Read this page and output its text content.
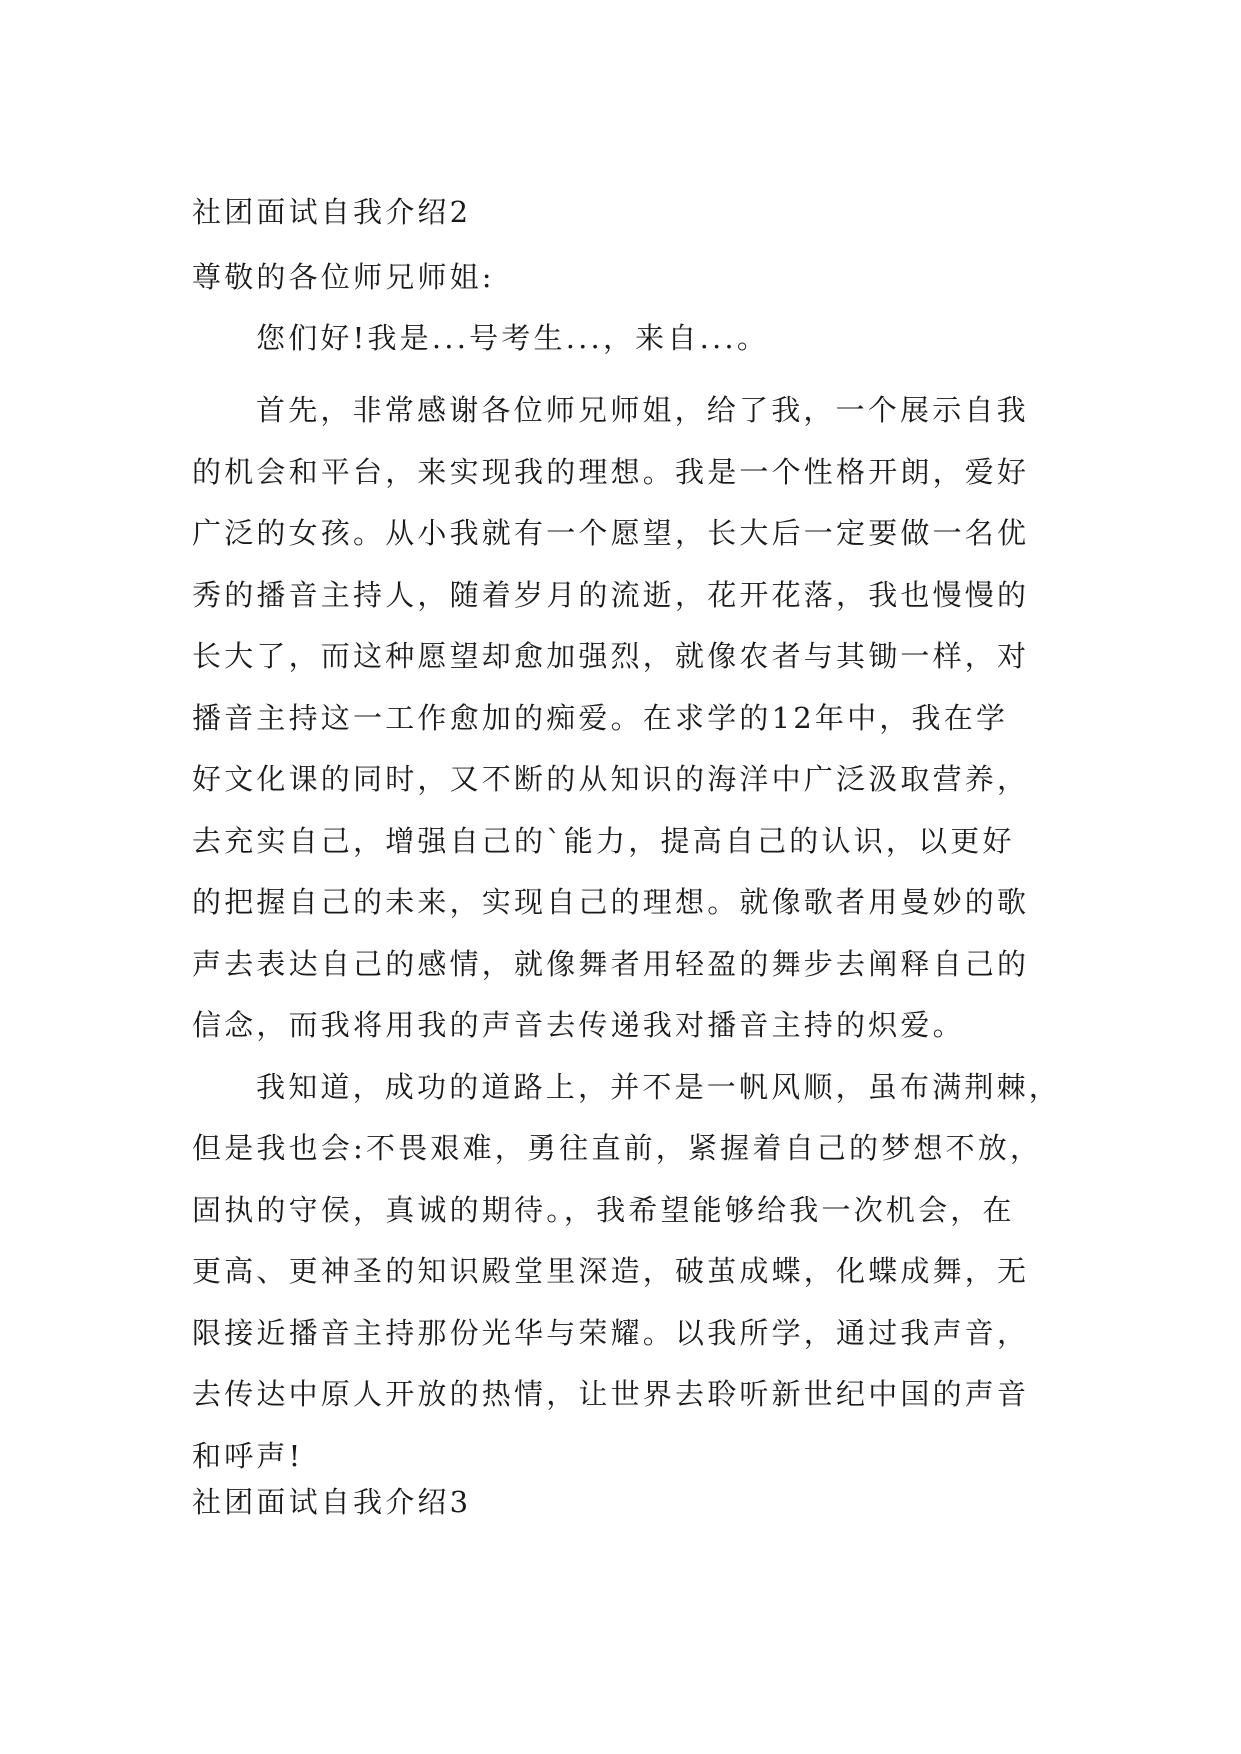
社团面试自我介绍2
尊敬的各位师兄师姐:
您们好!我是...号考生...，来自...。
首先，非常感谢各位师兄师姐，给了我，一个展示自我
的机会和平台，来实现我的理想。我是一个性格开朗，爱好
广泛的女孩。从小我就有一个愿望，长大后一定要做一名优
秀的播音主持人，随着岁月的流逝，花开花落，我也慢慢的
长大了，而这种愿望却愈加强烈，就像农者与其锄一样，对
播音主持这一工作愈加的痴爱。在求学的12年中，我在学
好文化课的同时，又不断的从知识的海洋中广泛汲取营养，
去充实自己，增强自己的`能力，提高自己的认识，以更好
的把握自己的未来，实现自己的理想。就像歌者用曼妙的歌
声去表达自己的感情，就像舞者用轻盈的舞步去阐释自己的
信念，而我将用我的声音去传递我对播音主持的炽爱。
我知道，成功的道路上，并不是一帆风顺，虽布满荆棘，
但是我也会:不畏艰难，勇往直前，紧握着自己的梦想不放，
固执的守侯，真诚的期待。，我希望能够给我一次机会，在
更高、更神圣的知识殿堂里深造，破茧成蝶，化蝶成舞，无
限接近播音主持那份光华与荣耀。以我所学，通过我声音，
去传达中原人开放的热情，让世界去聆听新世纪中国的声音
和呼声!
社团面试自我介绍3
